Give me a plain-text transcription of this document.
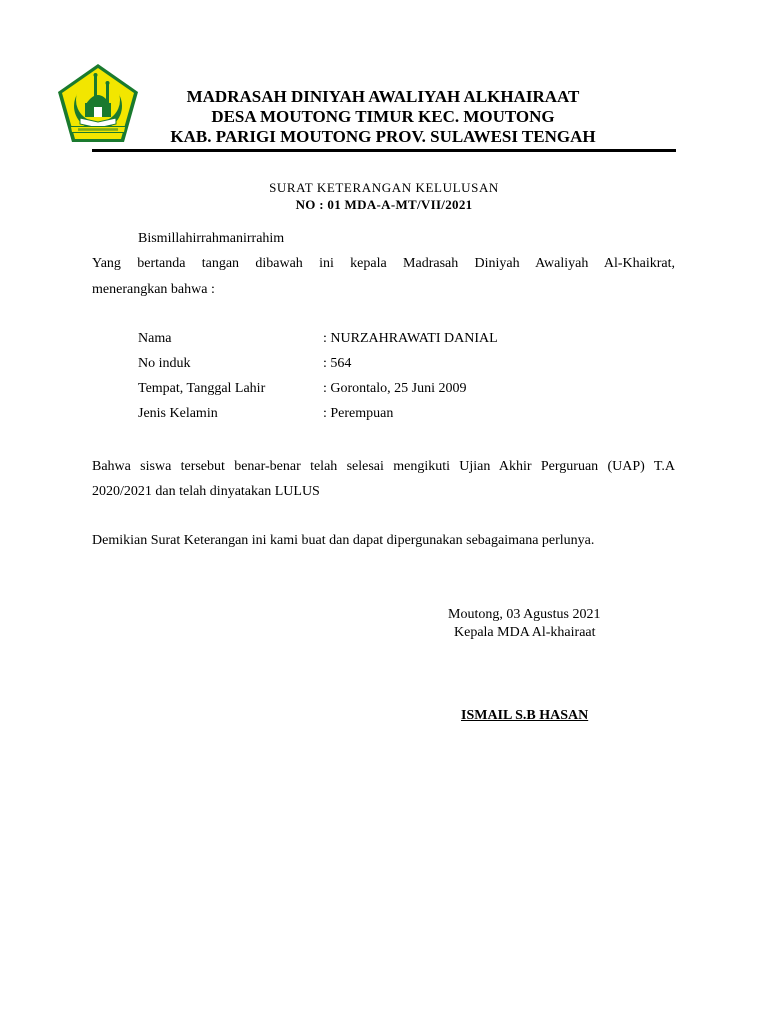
MADRASAH DINIYAH AWALIYAH ALKHAIRAAT
DESA MOUTONG TIMUR KEC. MOUTONG
KAB. PARIGI MOUTONG PROV. SULAWESI TENGAH
SURAT KETERANGAN KELULUSAN
NO : 01 MDA-A-MT/VII/2021
Bismillahirrahmanirrahim
Yang bertanda tangan dibawah ini kepala Madrasah Diniyah Awaliyah Al-Khaikrat,
menerangkan bahwa :
Nama	: NURZAHRAWATI DANIAL
No induk	: 564
Tempat, Tanggal Lahir	: Gorontalo, 25 Juni 2009
Jenis Kelamin	: Perempuan
Bahwa siswa tersebut benar-benar telah selesai mengikuti Ujian Akhir Perguruan (UAP) T.A
2020/2021 dan telah dinyatakan LULUS
Demikian Surat Keterangan ini kami buat dan dapat dipergunakan sebagaimana perlunya.
Moutong, 03 Agustus 2021
Kepala MDA Al-khairaat
ISMAIL S.B HASAN
